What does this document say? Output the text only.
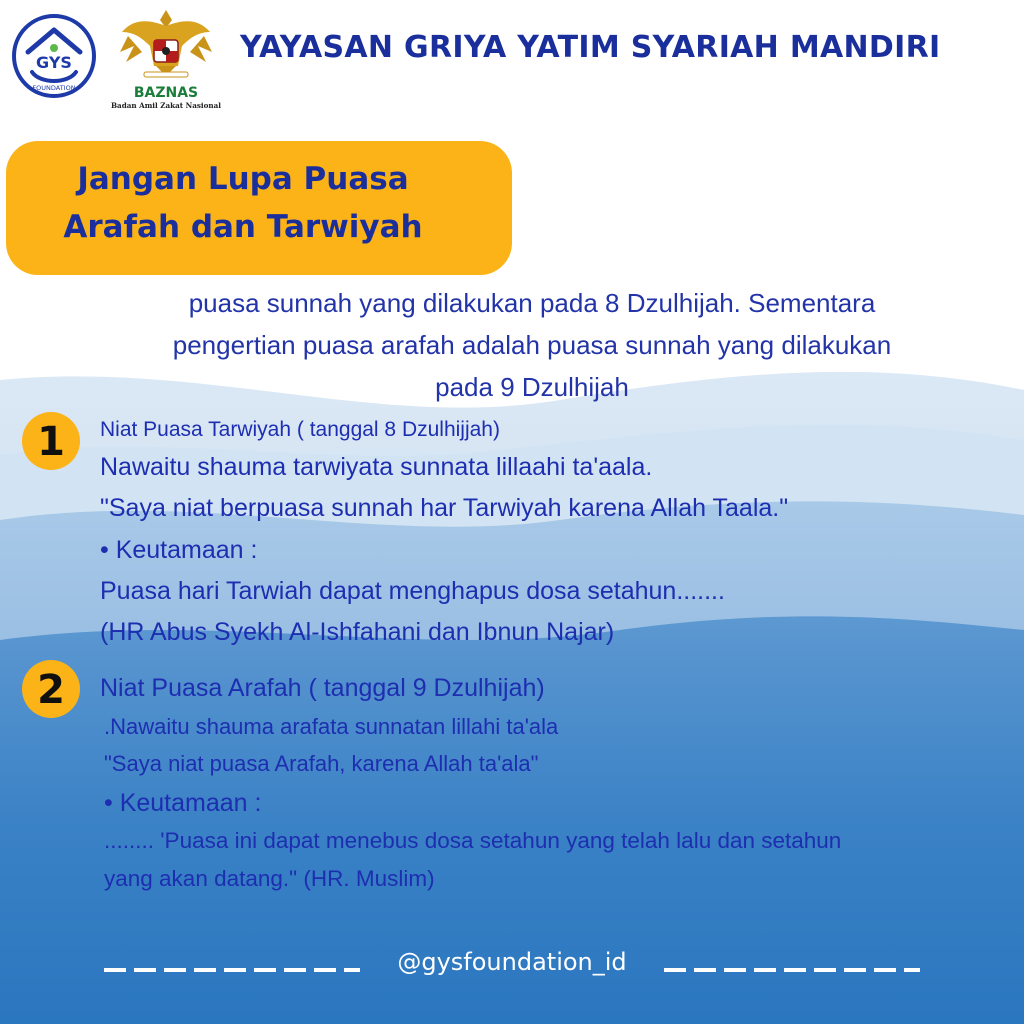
GYS
FOUNDATION	BAZNAS
Badan Amil Zakat Nasional
YAYASAN GRIYA YATIM SYARIAH MANDIRI
Jangan Lupa Puasa
Arafah dan Tarwiyah
puasa sunnah yang dilakukan pada 8 Dzulhijah. Sementara
pengertian puasa arafah adalah puasa sunnah yang dilakukan
pada 9 Dzulhijah
1	Niat Puasa Tarwiyah ( tanggal 8 Dzulhijjah)
Nawaitu shauma tarwiyata sunnata lillaahi ta'aala.
"Saya niat berpuasa sunnah har Tarwiyah karena Allah Taala."
• Keutamaan :
Puasa hari Tarwiah dapat menghapus dosa setahun.......
(HR Abus Syekh Al-Ishfahani dan Ibnun Najar)
2	Niat Puasa Arafah ( tanggal 9 Dzulhijah)
.Nawaitu shauma arafata sunnatan lillahi ta'ala
"Saya niat puasa Arafah, karena Allah ta'ala"
• Keutamaan :
........ 'Puasa ini dapat menebus dosa setahun yang telah lalu dan setahun
yang akan datang." (HR. Muslim)
@gysfoundation_id
